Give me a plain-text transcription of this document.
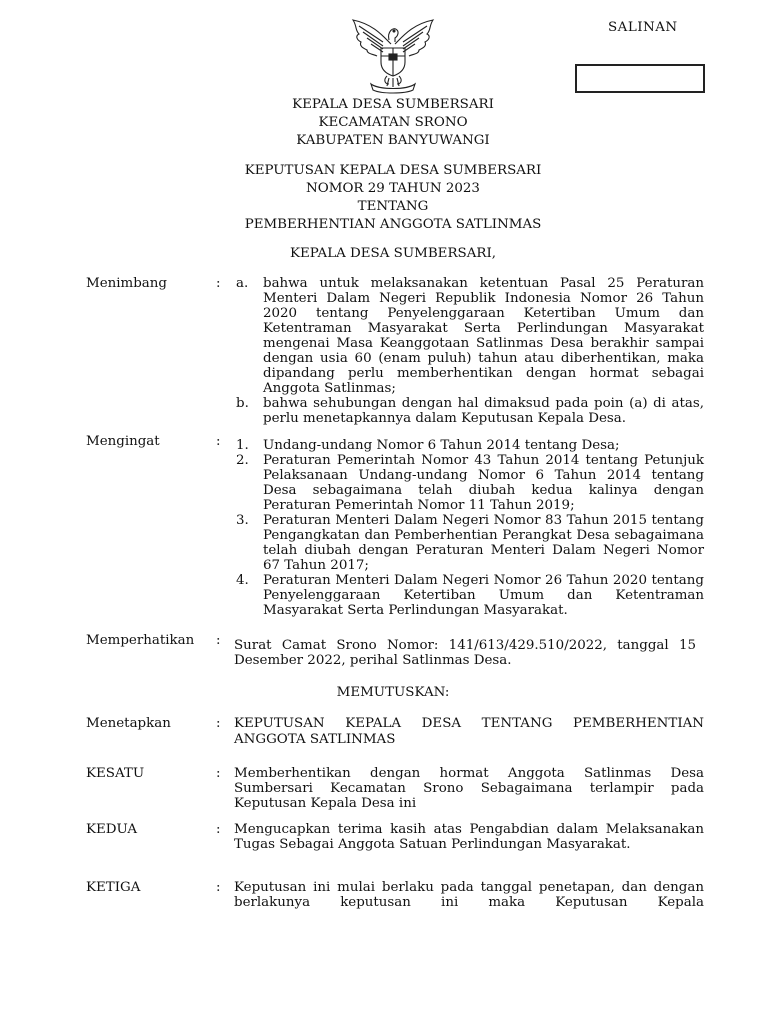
SALINAN
KEPALA DESA SUMBERSARI
KECAMATAN SRONO
KABUPATEN BANYUWANGI
KEPUTUSAN KEPALA DESA SUMBERSARI
NOMOR 29 TAHUN 2023
TENTANG
PEMBERHENTIAN ANGGOTA SATLINMAS
KEPALA DESA SUMBERSARI,
Menimbang	:	a. bahwa untuk melaksanakan ketentuan Pasal 25 Peraturan Menteri Dalam Negeri Republik Indonesia Nomor 26 Tahun 2020 tentang Penyelenggaraan Ketertiban Umum dan Ketentraman Masyarakat Serta Perlindungan Masyarakat mengenai Masa Keanggotaan Satlinmas Desa berakhir sampai dengan usia 60 (enam puluh) tahun atau diberhentikan, maka dipandang perlu memberhentikan dengan hormat sebagai Anggota Satlinmas;
b. bahwa sehubungan dengan hal dimaksud pada poin (a) di atas, perlu menetapkannya dalam Keputusan Kepala Desa.
Mengingat	:	1. Undang-undang Nomor 6 Tahun 2014 tentang Desa;
2. Peraturan Pemerintah Nomor 43 Tahun 2014 tentang Petunjuk Pelaksanaan Undang-undang Nomor 6 Tahun 2014 tentang Desa sebagaimana telah diubah kedua kalinya dengan Peraturan Pemerintah Nomor 11 Tahun 2019;
3. Peraturan Menteri Dalam Negeri Nomor 83 Tahun 2015 tentang Pengangkatan dan Pemberhentian Perangkat Desa sebagaimana telah diubah dengan Peraturan Menteri Dalam Negeri Nomor 67 Tahun 2017;
4. Peraturan Menteri Dalam Negeri Nomor 26 Tahun 2020 tentang Penyelenggaraan Ketertiban Umum dan Ketentraman Masyarakat Serta Perlindungan Masyarakat.
Memperhatikan	:	Surat Camat Srono Nomor: 141/613/429.510/2022, tanggal 15 Desember 2022, perihal Satlinmas Desa.
MEMUTUSKAN:
Menetapkan	:	KEPUTUSAN KEPALA DESA TENTANG PEMBERHENTIAN ANGGOTA SATLINMAS
KESATU	:	Memberhentikan dengan hormat Anggota Satlinmas Desa Sumbersari Kecamatan Srono Sebagaimana terlampir pada Keputusan Kepala Desa ini
KEDUA	:	Mengucapkan terima kasih atas Pengabdian dalam Melaksanakan Tugas Sebagai Anggota Satuan Perlindungan Masyarakat.
KETIGA	:	Keputusan ini mulai berlaku pada tanggal penetapan, dan dengan berlakunya keputusan ini maka Keputusan Kepala
